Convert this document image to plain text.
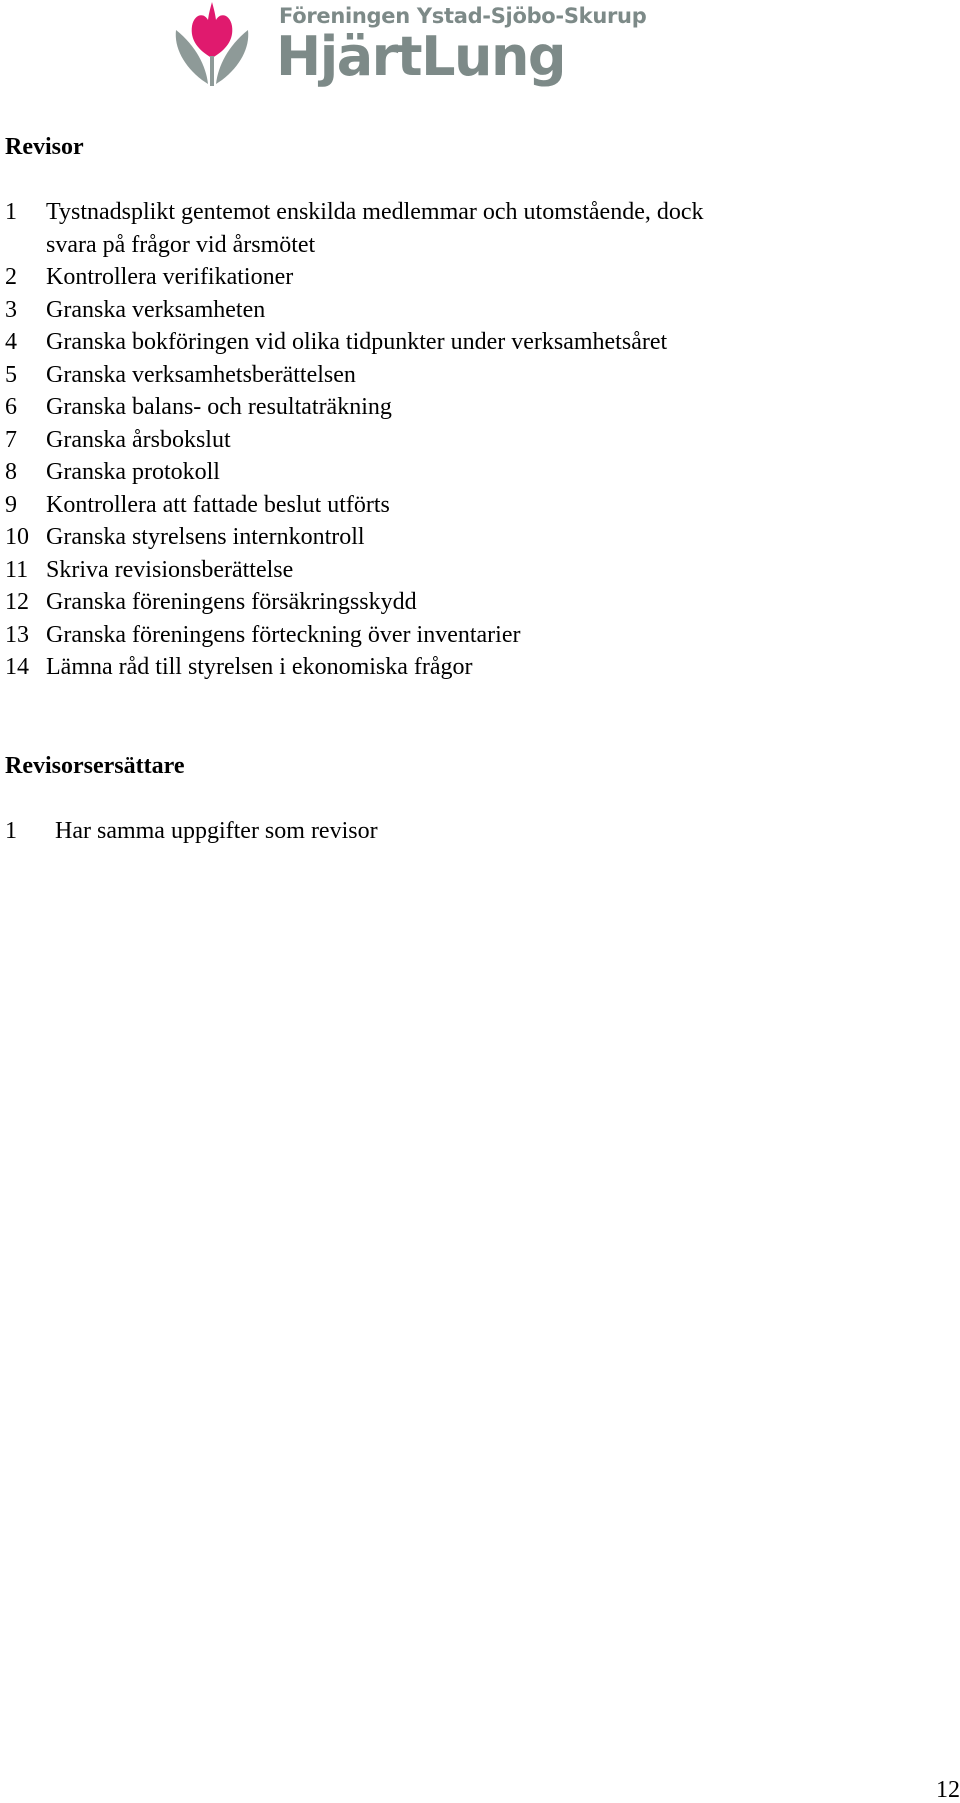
Föreningen Ystad-Sjöbo-Skurup
HjärtLung
Revisor
1 Tystnadsplikt gentemot enskilda medlemmar och utomstående, dock
svara på frågor vid årsmötet
2 Kontrollera verifikationer
3 Granska verksamheten
4 Granska bokföringen vid olika tidpunkter under verksamhetsåret
5 Granska verksamhetsberättelsen
6 Granska balans- och resultaträkning
7 Granska årsbokslut
8 Granska protokoll
9 Kontrollera att fattade beslut utförts
10 Granska styrelsens internkontroll
11 Skriva revisionsberättelse
12 Granska föreningens försäkringsskydd
13 Granska föreningens förteckning över inventarier
14 Lämna råd till styrelsen i ekonomiska frågor
Revisorsersättare
1 Har samma uppgifter som revisor
12
